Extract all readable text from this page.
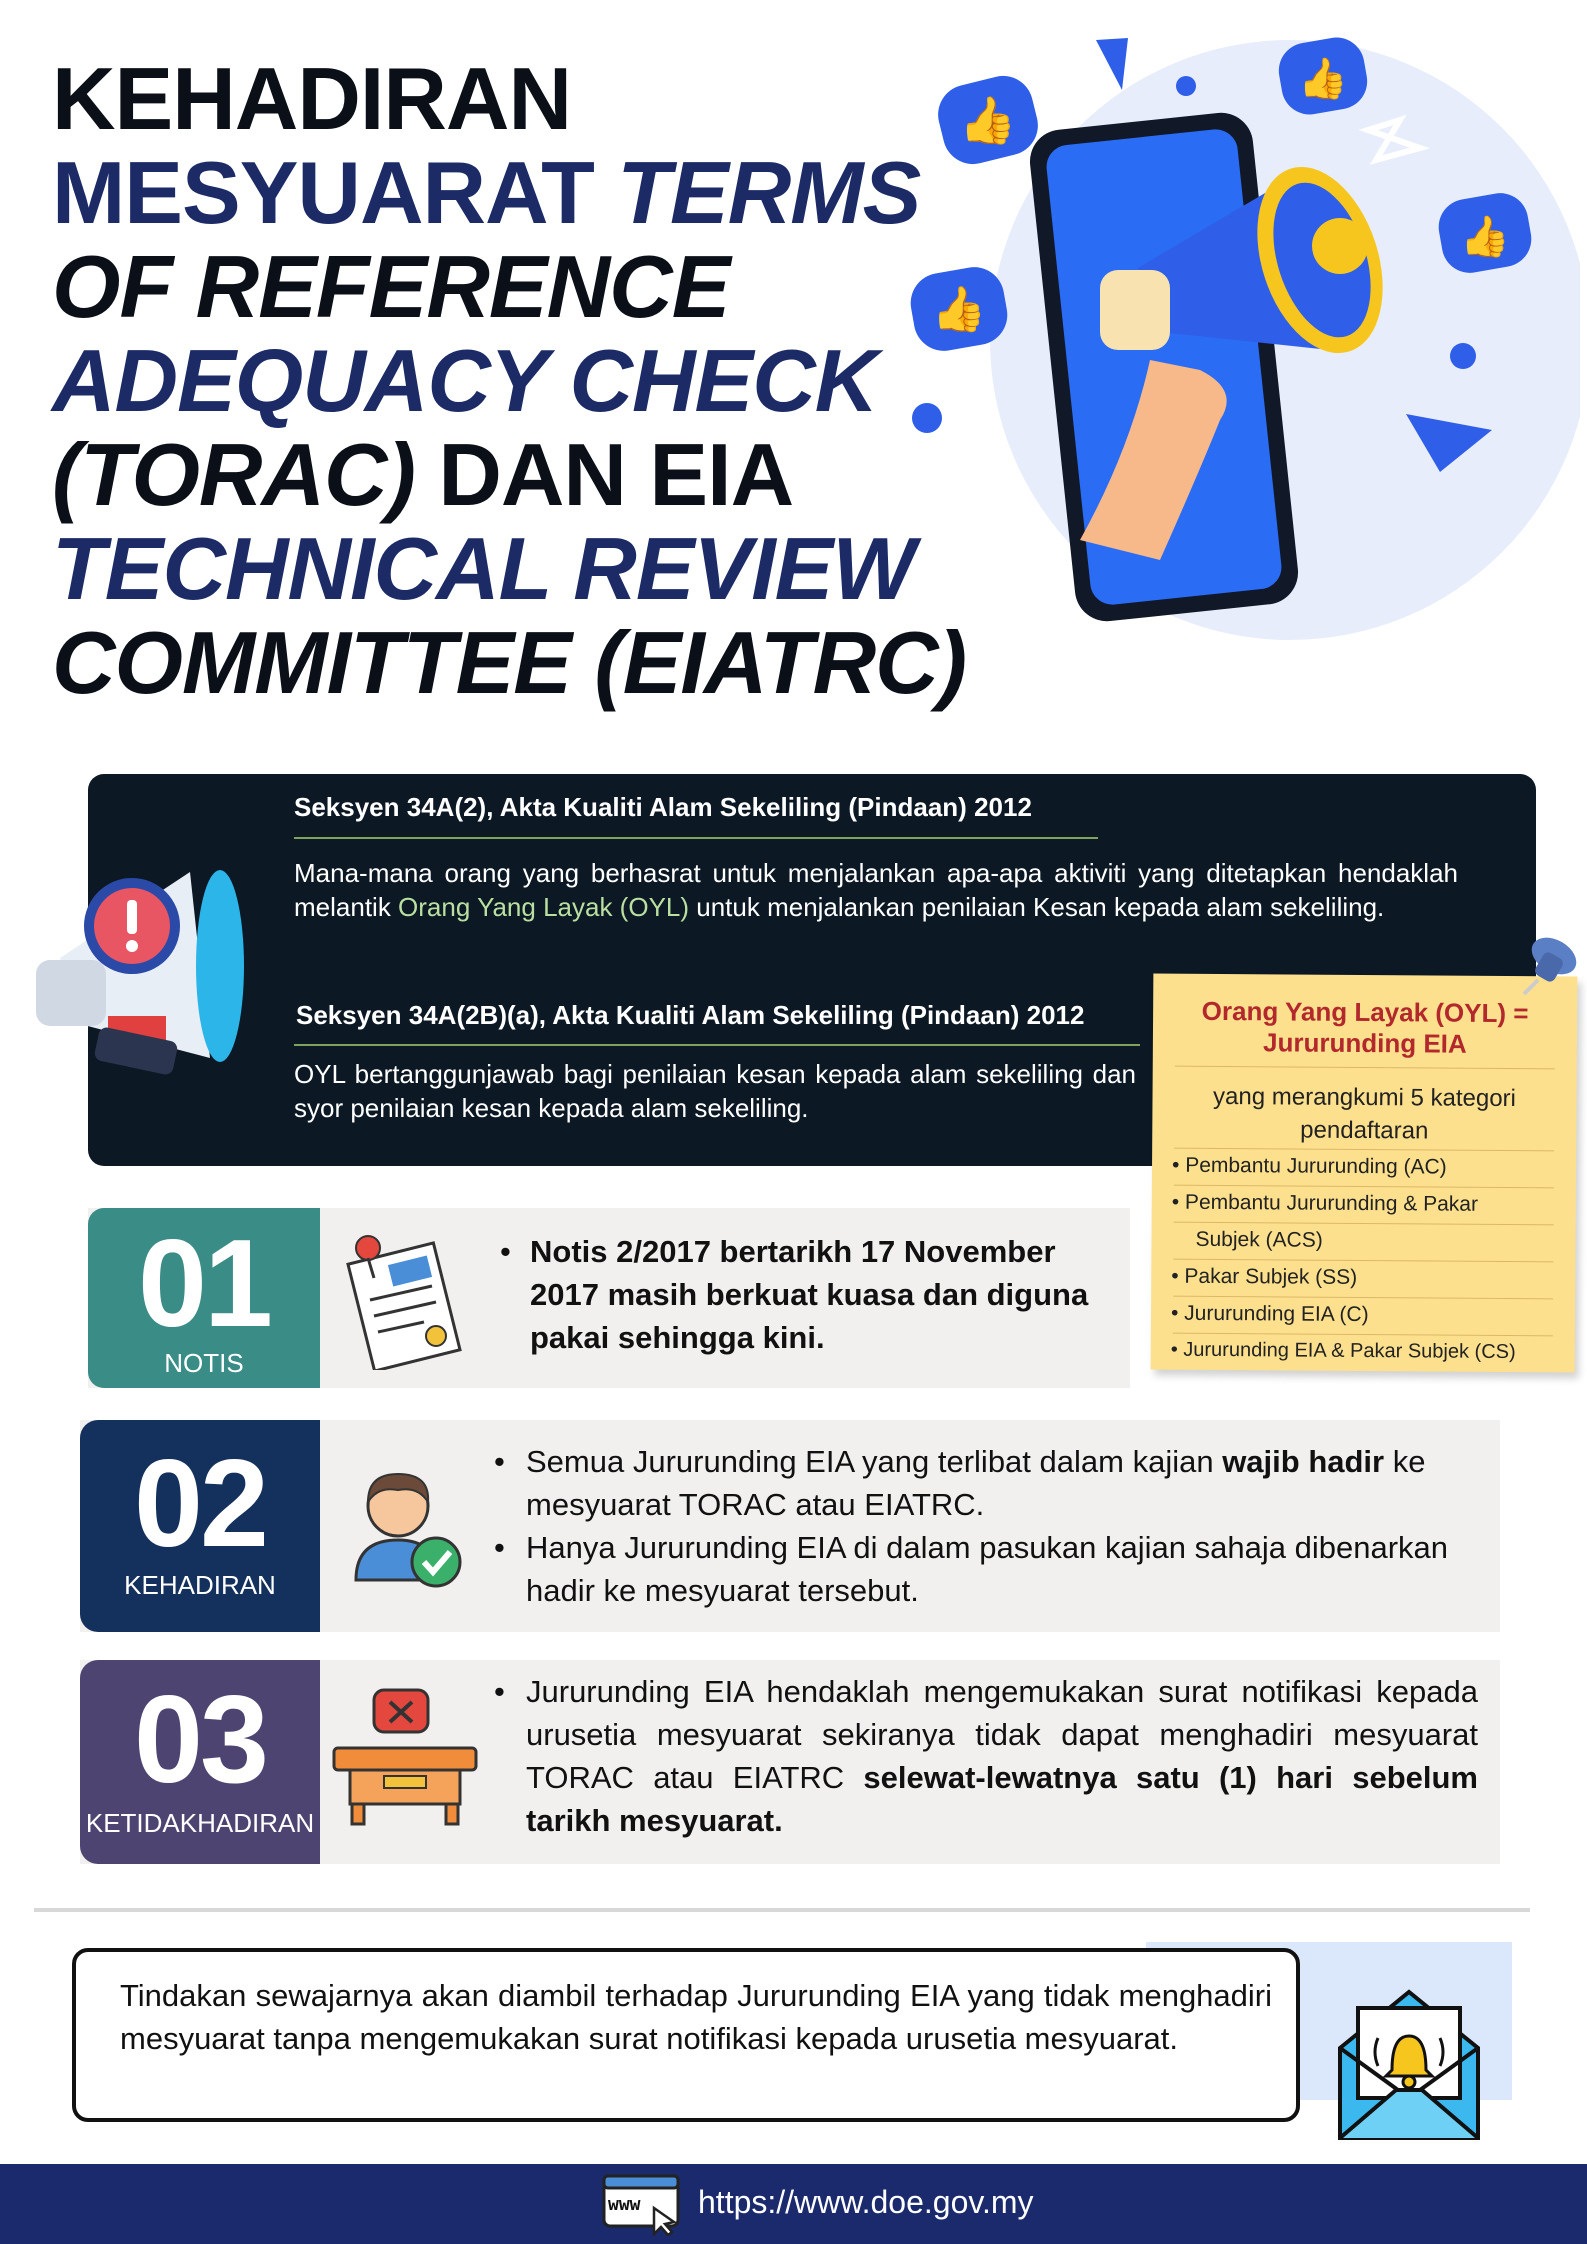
KEHADIRAN
MESYUARAT TERMS
OF REFERENCE
ADEQUACY CHECK
(TORAC) DAN EIA
TECHNICAL REVIEW
COMMITTEE (EIATRC)
👍
👍
👍
👍
Seksyen 34A(2), Akta Kualiti Alam Sekeliling (Pindaan) 2012
Mana-mana orang yang berhasrat untuk menjalankan apa-apa aktiviti yang ditetapkan hendaklah melantik Orang Yang Layak (OYL) untuk menjalankan penilaian Kesan kepada alam sekeliling.
Seksyen 34A(2B)(a), Akta Kualiti Alam Sekeliling (Pindaan) 2012
OYL bertanggunjawab bagi penilaian kesan kepada alam sekeliling dan syor penilaian kesan kepada alam sekeliling.
Orang Yang Layak (OYL) =
Jururunding EIA
yang merangkumi 5 kategori
pendaftaran
• Pembantu Jururunding (AC)
• Pembantu Jururunding & Pakar
Subjek (ACS)
• Pakar Subjek (SS)
• Jururunding EIA (C)
• Jururunding EIA & Pakar Subjek (CS)
01
NOTIS
• Notis 2/2017 bertarikh 17 November 2017 masih berkuat kuasa dan diguna pakai sehingga kini.
02
KEHADIRAN
• Semua Jururunding EIA yang terlibat dalam kajian wajib hadir ke mesyuarat TORAC atau EIATRC.
• Hanya Jururunding EIA di dalam pasukan kajian sahaja dibenarkan hadir ke mesyuarat tersebut.
03
KETIDAKHADIRAN
• Jururunding EIA hendaklah mengemukakan surat notifikasi kepada urusetia mesyuarat sekiranya tidak dapat menghadiri mesyuarat TORAC atau EIATRC selewat-lewatnya satu (1) hari sebelum tarikh mesyuarat.
Tindakan sewajarnya akan diambil terhadap Jururunding EIA yang tidak menghadiri mesyuarat tanpa mengemukakan surat notifikasi kepada urusetia mesyuarat.
www https://www.doe.gov.my
